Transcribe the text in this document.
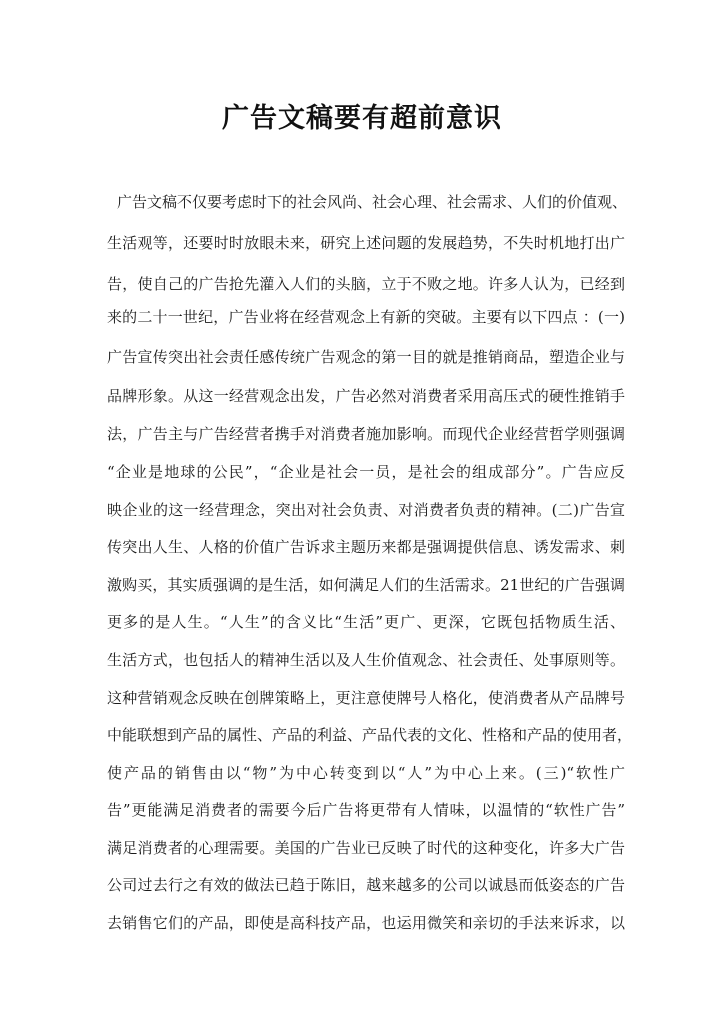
广告文稿要有超前意识
广告文稿不仅要考虑时下的社会风尚、社会心理、社会需求、人们的价值观、
生活观等，还要时时放眼未来，研究上述问题的发展趋势，不失时机地打出广
告，使自己的广告抢先灌入人们的头脑，立于不败之地。许多人认为，已经到
来的二十一世纪，广告业将在经营观念上有新的突破。主要有以下四点 ：(一)
广告宣传突出社会责任感传统广告观念的第一目的就是推销商品，塑造企业与
品牌形象。从这一经营观念出发，广告必然对消费者采用高压式的硬性推销手
法，广告主与广告经营者携手对消费者施加影响。而现代企业经营哲学则强调
“企业是地球的公民”，“企业是社会一员，是社会的组成部分”。广告应反
映企业的这一经营理念，突出对社会负责、对消费者负责的精神。(二)广告宣
传突出人生、人格的价值广告诉求主题历来都是强调提供信息、诱发需求、刺
激购买，其实质强调的是生活，如何满足人们的生活需求。21世纪的广告强调
更多的是人生。“人生”的含义比“生活”更广、更深，它既包括物质生活、
生活方式，也包括人的精神生活以及人生价值观念、社会责任、处事原则等。
这种营销观念反映在创牌策略上，更注意使牌号人格化，使消费者从产品牌号
中能联想到产品的属性、产品的利益、产品代表的文化、性格和产品的使用者，
使产品的销售由以“物”为中心转变到以“人”为中心上来。(三)“软性广
告”更能满足消费者的需要今后广告将更带有人情味，以温情的“软性广告”
满足消费者的心理需要。美国的广告业已反映了时代的这种变化，许多大广告
公司过去行之有效的做法已趋于陈旧，越来越多的公司以诚恳而低姿态的广告
去销售它们的产品，即使是高科技产品，也运用微笑和亲切的手法来诉求，以
